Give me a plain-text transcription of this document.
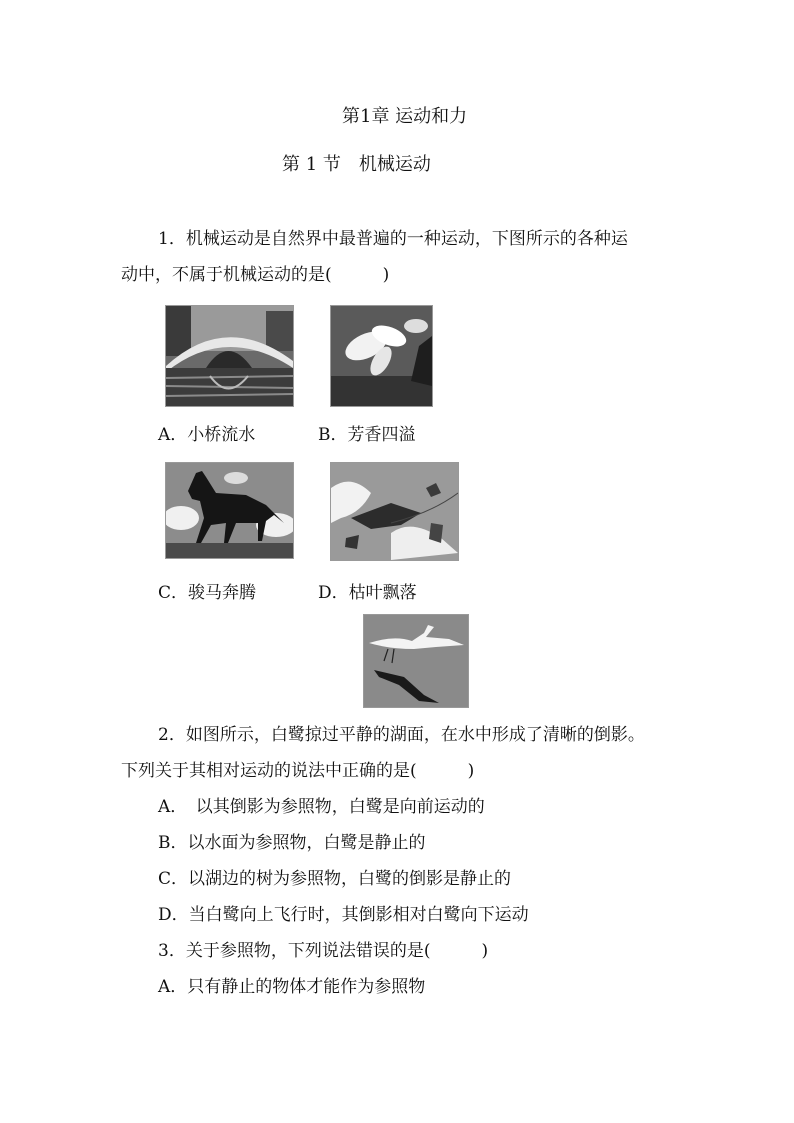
第1章 运动和力
第 1 节　机械运动
1．机械运动是自然界中最普遍的一种运动，下图所示的各种运
动中，不属于机械运动的是(　　　)
A．小桥流水	B．芳香四溢
C．骏马奔腾	D．枯叶飘落
2．如图所示，白鹭掠过平静的湖面，在水中形成了清晰的倒影。
下列关于其相对运动的说法中正确的是(　　　)
A．　以其倒影为参照物，白鹭是向前运动的
B．以水面为参照物，白鹭是静止的
C．以湖边的树为参照物，白鹭的倒影是静止的
D．当白鹭向上飞行时，其倒影相对白鹭向下运动
3．关于参照物，下列说法错误的是(　　　)
A．只有静止的物体才能作为参照物
